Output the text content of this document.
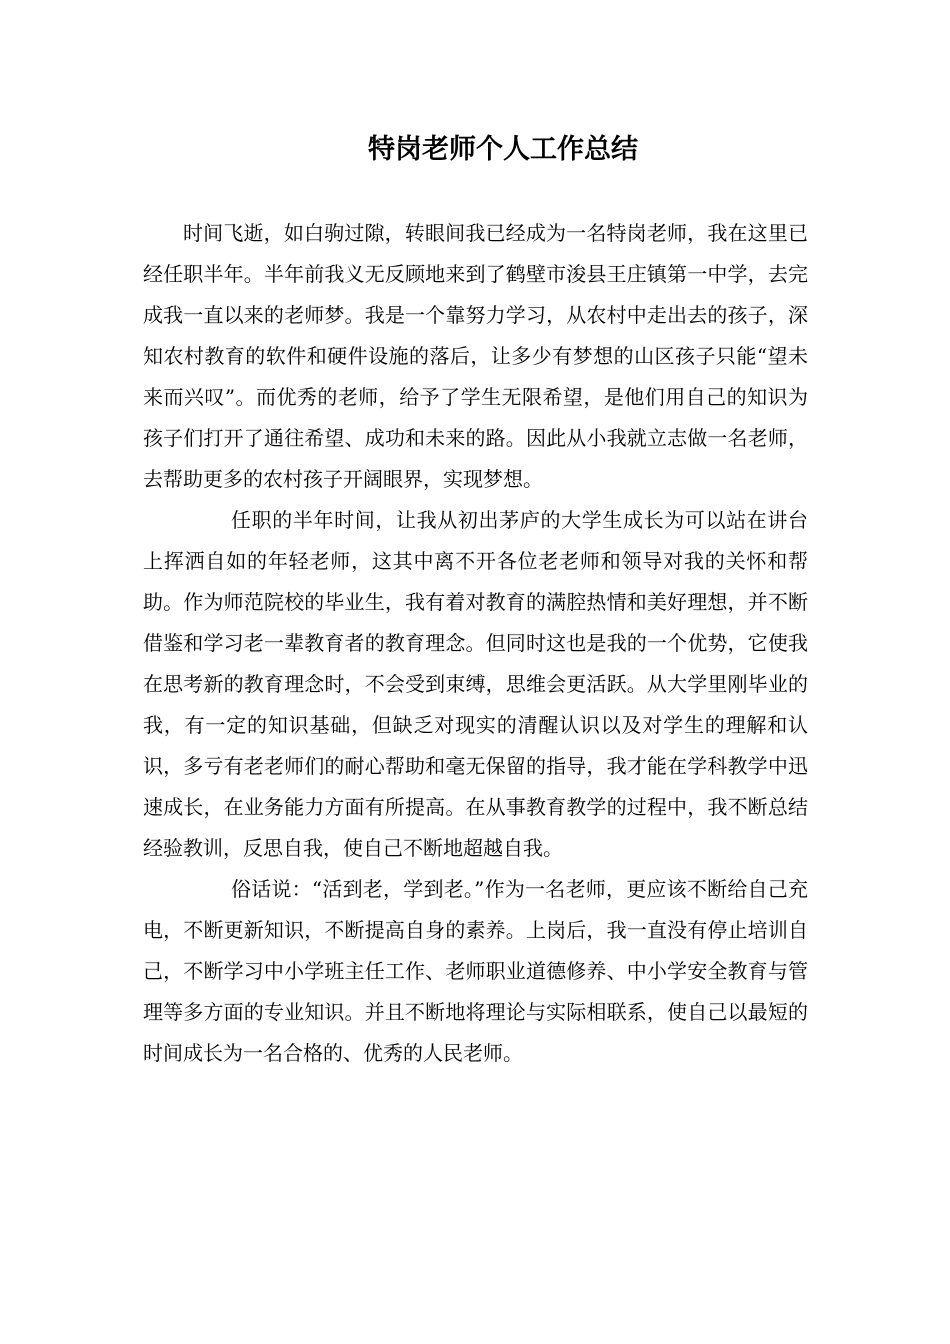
特岗老师个人工作总结

时间飞逝，如白驹过隙，转眼间我已经成为一名特岗老师，我在这里已经任职半年。半年前我义无反顾地来到了鹤壁市浚县王庄镇第一中学，去完成我一直以来的老师梦。我是一个靠努力学习，从农村中走出去的孩子，深知农村教育的软件和硬件设施的落后，让多少有梦想的山区孩子只能“望未来而兴叹”。而优秀的老师，给予了学生无限希望，是他们用自己的知识为孩子们打开了通往希望、成功和未来的路。因此从小我就立志做一名老师，去帮助更多的农村孩子开阔眼界，实现梦想。

任职的半年时间，让我从初出茅庐的大学生成长为可以站在讲台上挥洒自如的年轻老师，这其中离不开各位老老师和领导对我的关怀和帮助。作为师范院校的毕业生，我有着对教育的满腔热情和美好理想，并不断借鉴和学习老一辈教育者的教育理念。但同时这也是我的一个优势，它使我在思考新的教育理念时，不会受到束缚，思维会更活跃。从大学里刚毕业的我，有一定的知识基础，但缺乏对现实的清醒认识以及对学生的理解和认识，多亏有老老师们的耐心帮助和毫无保留的指导，我才能在学科教学中迅速成长，在业务能力方面有所提高。在从事教育教学的过程中，我不断总结经验教训，反思自我，使自己不断地超越自我。

俗话说：“活到老，学到老。”作为一名老师，更应该不断给自己充电，不断更新知识，不断提高自身的素养。上岗后，我一直没有停止培训自己，不断学习中小学班主任工作、老师职业道德修养、中小学安全教育与管理等多方面的专业知识。并且不断地将理论与实际相联系，使自己以最短的时间成长为一名合格的、优秀的人民老师。
